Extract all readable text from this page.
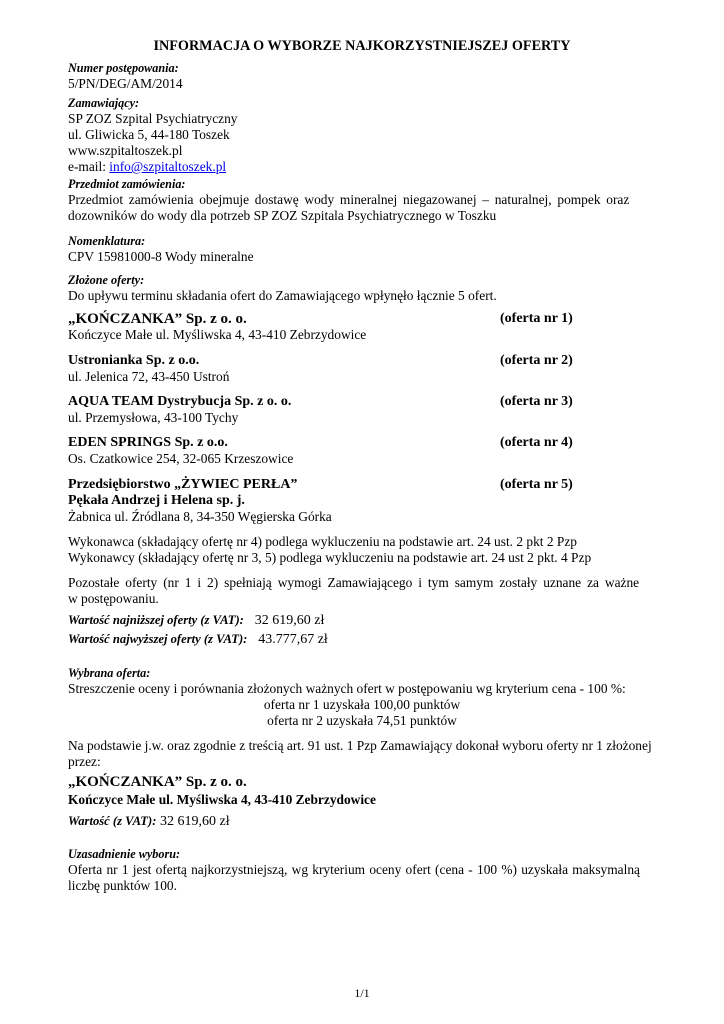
INFORMACJA O WYBORZE NAJKORZYSTNIEJSZEJ OFERTY
Numer postępowania:
5/PN/DEG/AM/2014
Zamawiający:
SP ZOZ Szpital Psychiatryczny
ul. Gliwicka 5, 44-180 Toszek
www.szpitaltoszek.pl
e-mail: info@szpitaltoszek.pl
Przedmiot zamówienia:
Przedmiot zamówienia obejmuje dostawę wody mineralnej niegazowanej – naturalnej, pompek oraz
dozowników do wody dla potrzeb SP ZOZ Szpitala Psychiatrycznego w Toszku
Nomenklatura:
CPV 15981000-8 Wody mineralne
Złożone oferty:
Do upływu terminu składania ofert do Zamawiającego wpłynęło łącznie 5 ofert.
„KOŃCZANKA” Sp. z o. o.	(oferta nr 1)
Kończyce Małe ul. Myśliwska 4, 43-410 Zebrzydowice
Ustronianka Sp. z o.o.	(oferta nr 2)
ul. Jelenica 72, 43-450 Ustroń
AQUA TEAM Dystrybucja Sp. z o. o.	(oferta nr 3)
ul. Przemysłowa, 43-100 Tychy
EDEN SPRINGS Sp. z o.o.	(oferta nr 4)
Os. Czatkowice 254, 32-065 Krzeszowice
Przedsiębiorstwo „ŻYWIEC PERŁA”	(oferta nr 5)
Pękała Andrzej i Helena sp. j.
Żabnica ul. Źródlana 8, 34-350 Węgierska Górka
Wykonawca (składający ofertę nr 4) podlega wykluczeniu na podstawie art. 24 ust. 2 pkt 2 Pzp
Wykonawcy (składający ofertę nr 3, 5) podlega wykluczeniu na podstawie art. 24 ust 2 pkt. 4 Pzp
Pozostałe oferty (nr 1 i 2) spełniają wymogi Zamawiającego i tym samym zostały uznane za ważne
w postępowaniu.
Wartość najniższej oferty (z VAT): 32 619,60 zł
Wartość najwyższej oferty (z VAT): 43.777,67 zł
Wybrana oferta:
Streszczenie oceny i porównania złożonych ważnych ofert w postępowaniu wg kryterium cena - 100 %:
oferta nr 1 uzyskała 100,00 punktów
oferta nr 2 uzyskała 74,51 punktów
Na podstawie j.w. oraz zgodnie z treścią art. 91 ust. 1 Pzp Zamawiający dokonał wyboru oferty nr 1 złożonej
przez:
„KOŃCZANKA” Sp. z o. o.
Kończyce Małe ul. Myśliwska 4, 43-410 Zebrzydowice
Wartość (z VAT): 32 619,60 zł
Uzasadnienie wyboru:
Oferta nr 1 jest ofertą najkorzystniejszą, wg kryterium oceny ofert (cena - 100 %) uzyskała maksymalną
liczbę punktów 100.
1/1
